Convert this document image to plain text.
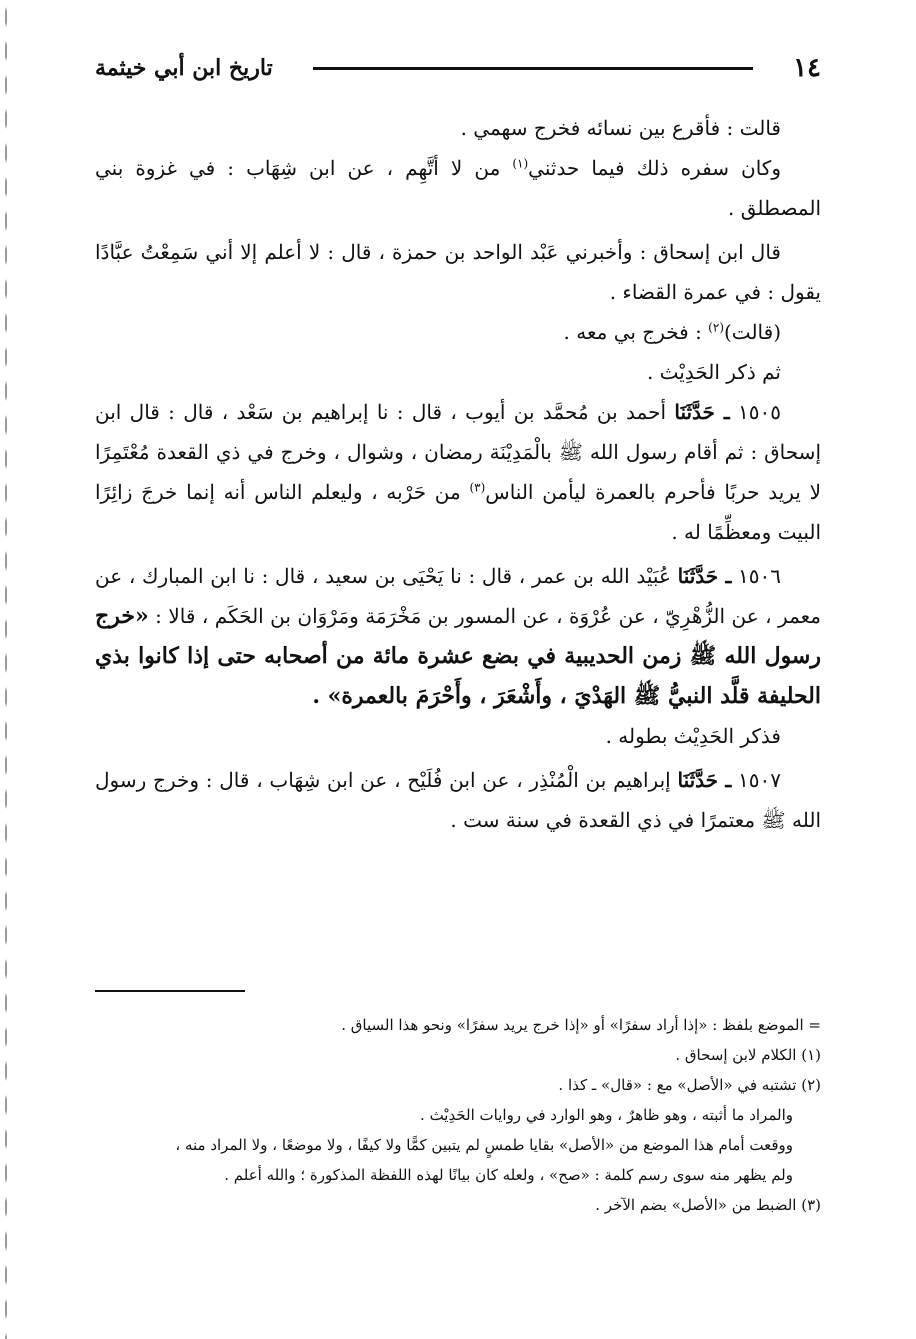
١٤
تاريخ ابن أبي خيثمة

قالت : فأقرع بين نسائه فخرج سهمي .

وكان سفره ذلك فيما حدثني$^{(١)}$ من لا أتَّهِم ، عن ابن شِهَاب : في غزوة بني المصطلق .

قال ابن إسحاق : وأخبرني عَبْد الواحد بن حمزة ، قال : لا أعلم إلا أني سَمِعْتُ عبَّادًا يقول : في عمرة القضاء .

(قالت)$^{(٢)}$ : فخرج بي معه .

ثم ذكر الحَدِيْث .

١٥٠٥ ـ حَدَّثَنَا أحمد بن مُحمَّد بن أيوب ، قال : نا إبراهيم بن سَعْد ، قال : قال ابن إسحاق : ثم أقام رسول الله ﷺ بالْمَدِيْنَة رمضان ، وشوال ، وخرج في ذي القعدة مُعْتَمِرًا لا يريد حربًا فأحرم بالعمرة ليأمن الناس$^{(٣)}$ من حَرْبه ، وليعلم الناس أنه إنما خرجَ زائِرًا البيت ومعظِّمًا له .

١٥٠٦ ـ حَدَّثَنَا عُبَيْد الله بن عمر ، قال : نا يَحْيَى بن سعيد ، قال : نا ابن المبارك ، عن معمر ، عن الزُّهْرِيّ ، عن عُرْوَة ، عن المسور بن مَخْرَمَة ومَرْوَان بن الحَكَم ، قالا : «خرج رسول الله ﷺ زمن الحديبية في بضع عشرة مائة من أصحابه حتى إذا كانوا بذي الحليفة قلَّد النبيُّ ﷺ الهَدْيَ ، وأَشْعَرَ ، وأَحْرَمَ بالعمرة» .

فذكر الحَدِيْث بطوله .

١٥٠٧ ـ حَدَّثَنَا إبراهيم بن الْمُنْذِر ، عن ابن فُلَيْح ، عن ابن شِهَاب ، قال : وخرج رسول الله ﷺ معتمرًا في ذي القعدة في سنة ست .

= الموضع بلفظ : «إذا أراد سفرًا» أو «إذا خرج يريد سفرًا» ونحو هذا السياق .
(١) الكلام لابن إسحاق .
(٢) تشتبه في «الأصل» مع : «قال» ـ كذا .
والمراد ما أثبته ، وهو ظاهرٌ ، وهو الوارد في روايات الحَدِيْث .
ووقعت أمام هذا الموضع من «الأصل» بقايا طمسٍ لم يتبين كمًّا ولا كيفًا ، ولا موضعًا ، ولا المراد منه ،
ولم يظهر منه سوى رسم كلمة : «صح» ، ولعله كان بيانًا لهذه اللفظة المذكورة ؛ والله أعلم .
(٣) الضبط من «الأصل» بضم الآخر .
